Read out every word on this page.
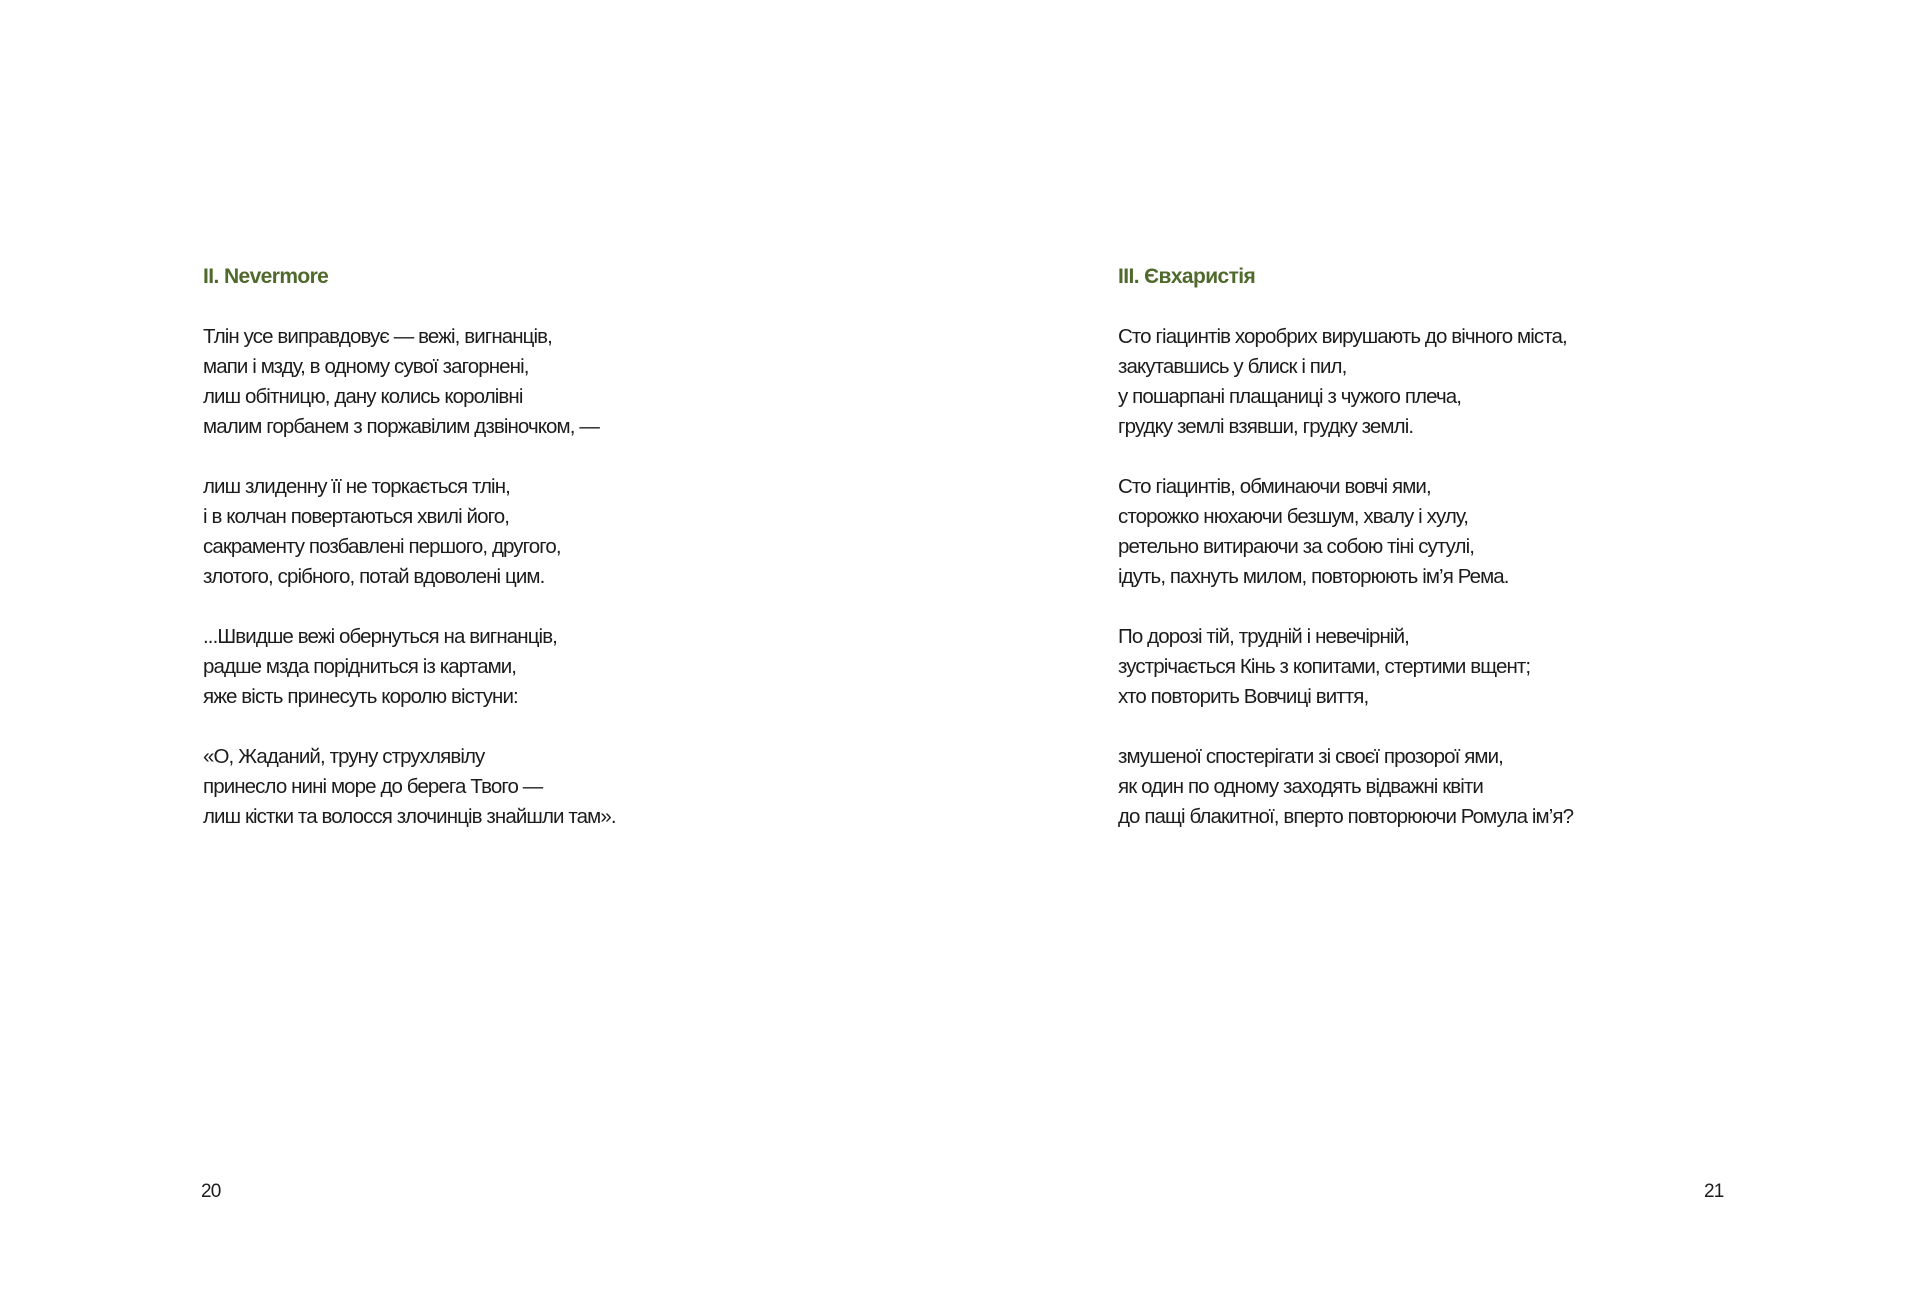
II. Nevermore
Тлін усе виправдовує — вежі, вигнанців,
мапи і мзду, в одному сувої загорнені,
лиш обітницю, дану колись королівні
малим горбанем з поржавілим дзвіночком, —
лиш злиденну її не торкається тлін,
і в колчан повертаються хвилі його,
сакраменту позбавлені першого, другого,
злотого, срібного, потай вдоволені цим.
...Швидше вежі обернуться на вигнанців,
радше мзда поріднитьcя із картами,
яже вість принесуть королю вістуни:
«О, Жаданий, труну струхлявілу
принесло нині море до берега Твого —
лиш кістки та волосся злочинців знайшли там».
20
III. Євхаристія
Сто гіацинтів хоробрих вирушають до вічного міста,
закутавшись у блиск і пил,
у пошарпані плащаниці з чужого плеча,
грудку землі взявши, грудку землі.
Сто гіацинтів, обминаючи вовчі ями,
сторожко нюхаючи безшум, хвалу і хулу,
ретельно витираючи за собою тіні сутулі,
ідуть, пахнуть милом, повторюють ім’я Рема.
По дорозі тій, трудній і невечірній,
зустрічається Кінь з копитами, стертими вщент;
хто повторить Вовчиці виття,
змушеної спостерігати зі своєї прозорої ями,
як один по одному заходять відважні квіти
до пащі блакитної, вперто повторюючи Ромула ім’я?
21
